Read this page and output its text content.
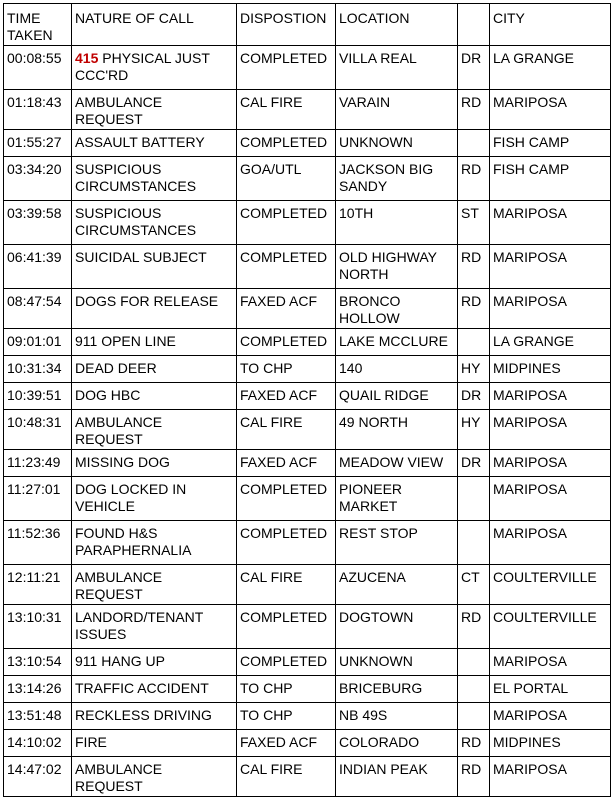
TIME TAKEN	NATURE OF CALL	DISPOSTION	LOCATION		CITY
00:08:55	415 PHYSICAL JUST CCC'RD	COMPLETED	VILLA REAL	DR	LA GRANGE
01:18:43	AMBULANCE REQUEST	CAL FIRE	VARAIN	RD	MARIPOSA
01:55:27	ASSAULT BATTERY	COMPLETED	UNKNOWN		FISH CAMP
03:34:20	SUSPICIOUS CIRCUMSTANCES	GOA/UTL	JACKSON BIG SANDY	RD	FISH CAMP
03:39:58	SUSPICIOUS CIRCUMSTANCES	COMPLETED	10TH	ST	MARIPOSA
06:41:39	SUICIDAL SUBJECT	COMPLETED	OLD HIGHWAY NORTH	RD	MARIPOSA
08:47:54	DOGS FOR RELEASE	FAXED ACF	BRONCO HOLLOW	RD	MARIPOSA
09:01:01	911 OPEN LINE	COMPLETED	LAKE MCCLURE		LA GRANGE
10:31:34	DEAD DEER	TO CHP	140	HY	MIDPINES
10:39:51	DOG HBC	FAXED ACF	QUAIL RIDGE	DR	MARIPOSA
10:48:31	AMBULANCE REQUEST	CAL FIRE	49 NORTH	HY	MARIPOSA
11:23:49	MISSING DOG	FAXED ACF	MEADOW VIEW	DR	MARIPOSA
11:27:01	DOG LOCKED IN VEHICLE	COMPLETED	PIONEER MARKET		MARIPOSA
11:52:36	FOUND H&S PARAPHERNALIA	COMPLETED	REST STOP		MARIPOSA
12:11:21	AMBULANCE REQUEST	CAL FIRE	AZUCENA	CT	COULTERVILLE
13:10:31	LANDORD/TENANT ISSUES	COMPLETED	DOGTOWN	RD	COULTERVILLE
13:10:54	911 HANG UP	COMPLETED	UNKNOWN		MARIPOSA
13:14:26	TRAFFIC ACCIDENT	TO CHP	BRICEBURG		EL PORTAL
13:51:48	RECKLESS DRIVING	TO CHP	NB 49S		MARIPOSA
14:10:02	FIRE	FAXED ACF	COLORADO	RD	MIDPINES
14:47:02	AMBULANCE REQUEST	CAL FIRE	INDIAN PEAK	RD	MARIPOSA
